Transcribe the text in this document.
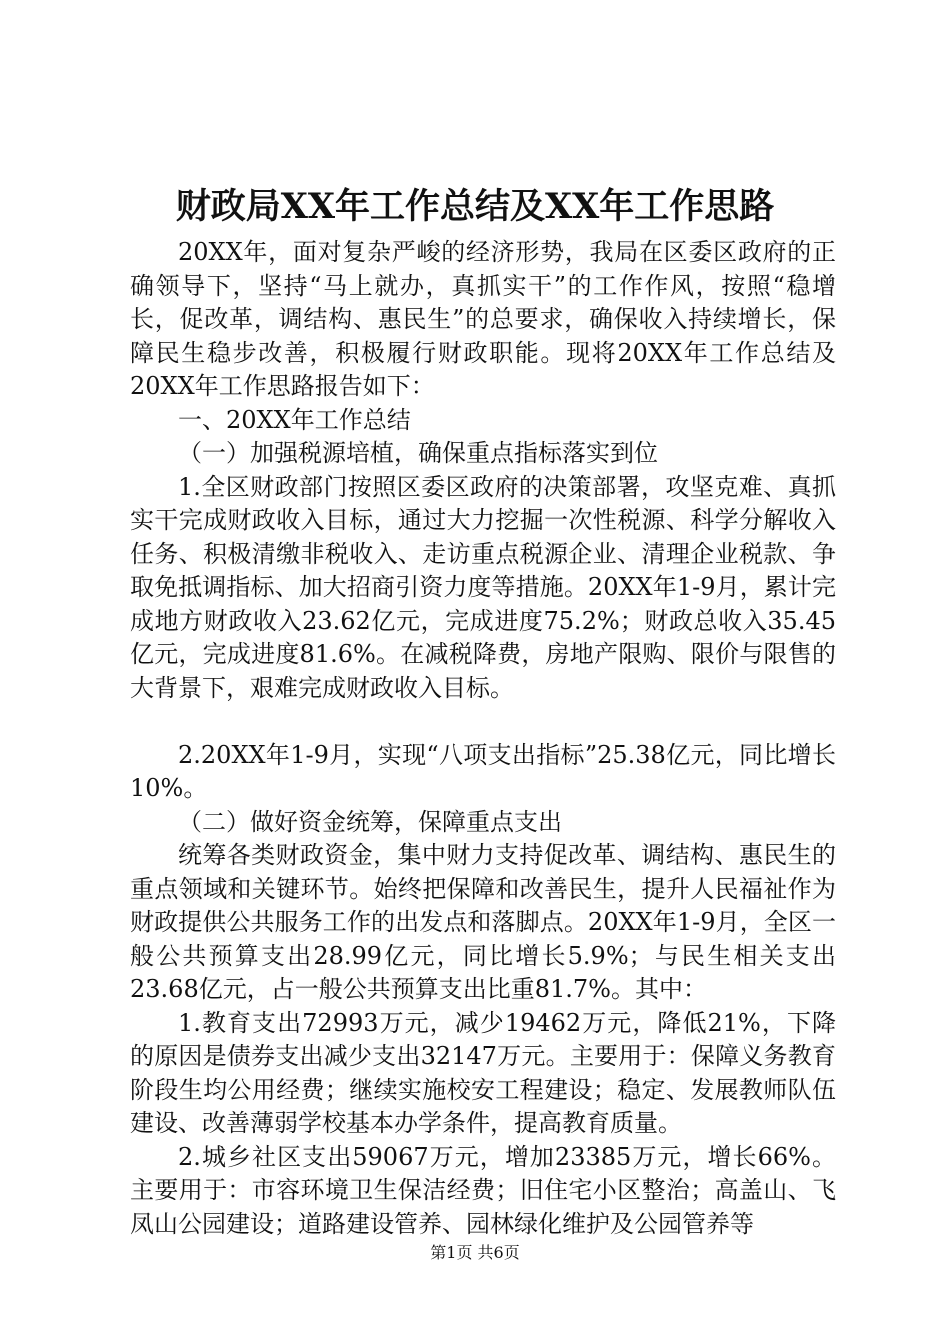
财政局XX年工作总结及XX年工作思路

20XX年，面对复杂严峻的经济形势，我局在区委区政府的正确领导下，坚持“马上就办，真抓实干”的工作作风，按照“稳增长，促改革，调结构、惠民生”的总要求，确保收入持续增长，保障民生稳步改善，积极履行财政职能。现将20XX年工作总结及20XX年工作思路报告如下：

一、20XX年工作总结

（一）加强税源培植，确保重点指标落实到位

1.全区财政部门按照区委区政府的决策部署，攻坚克难、真抓实干完成财政收入目标，通过大力挖掘一次性税源、科学分解收入任务、积极清缴非税收入、走访重点税源企业、清理企业税款、争取免抵调指标、加大招商引资力度等措施。20XX年1-9月，累计完成地方财政收入23.62亿元，完成进度75.2%；财政总收入35.45亿元，完成进度81.6%。在减税降费，房地产限购、限价与限售的大背景下，艰难完成财政收入目标。

2.20XX年1-9月，实现“八项支出指标”25.38亿元，同比增长10%。

（二）做好资金统筹，保障重点支出

统筹各类财政资金，集中财力支持促改革、调结构、惠民生的重点领域和关键环节。始终把保障和改善民生，提升人民福祉作为财政提供公共服务工作的出发点和落脚点。20XX年1-9月，全区一般公共预算支出28.99亿元，同比增长5.9%；与民生相关支出23.68亿元，占一般公共预算支出比重81.7%。其中：

1.教育支出72993万元，减少19462万元，降低21%，下降的原因是债券支出减少支出32147万元。主要用于：保障义务教育阶段生均公用经费；继续实施校安工程建设；稳定、发展教师队伍建设、改善薄弱学校基本办学条件，提高教育质量。

2.城乡社区支出59067万元，增加23385万元，增长66%。主要用于：市容环境卫生保洁经费；旧住宅小区整治；高盖山、飞凤山公园建设；道路建设管养、园林绿化维护及公园管养等

第1页 共6页
